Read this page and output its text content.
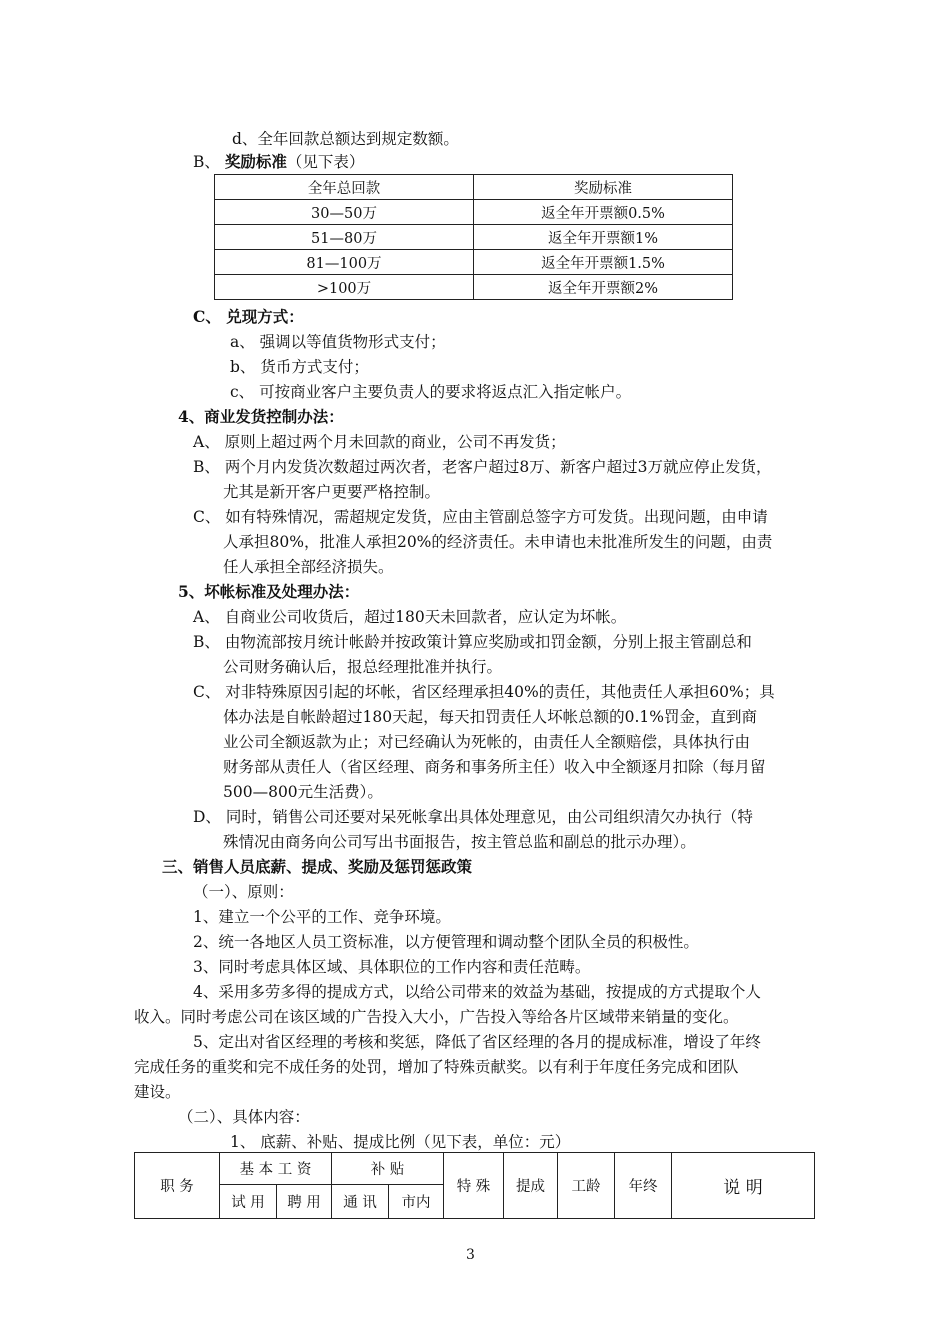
d、全年回款总额达到规定数额。
B、 奖励标准（见下表）
全年总回款	奖励标准
30—50万	返全年开票额0.5%
51—80万	返全年开票额1%
81—100万	返全年开票额1.5%
>100万	返全年开票额2%
C、 兑现方式：
a、 强调以等值货物形式支付；
b、 货币方式支付；
c、 可按商业客户主要负责人的要求将返点汇入指定帐户。
4、商业发货控制办法：
A、 原则上超过两个月未回款的商业，公司不再发货；
B、 两个月内发货次数超过两次者，老客户超过8万、新客户超过3万就应停止发货，
尤其是新开客户更要严格控制。
C、 如有特殊情况，需超规定发货，应由主管副总签字方可发货。出现问题，由申请
人承担80%，批准人承担20%的经济责任。未申请也未批准所发生的问题，由责
任人承担全部经济损失。
5、坏帐标准及处理办法：
A、 自商业公司收货后，超过180天未回款者，应认定为坏帐。
B、 由物流部按月统计帐龄并按政策计算应奖励或扣罚金额，分别上报主管副总和
公司财务确认后，报总经理批准并执行。
C、 对非特殊原因引起的坏帐，省区经理承担40%的责任，其他责任人承担60%；具
体办法是自帐龄超过180天起，每天扣罚责任人坏帐总额的0.1%罚金，直到商
业公司全额返款为止；对已经确认为死帐的，由责任人全额赔偿，具体执行由
财务部从责任人（省区经理、商务和事务所主任）收入中全额逐月扣除（每月留
500—800元生活费）。
D、 同时，销售公司还要对呆死帐拿出具体处理意见，由公司组织清欠办执行（特
殊情况由商务向公司写出书面报告，按主管总监和副总的批示办理）。
三、销售人员底薪、提成、奖励及惩罚惩政策
（一）、原则：
1、建立一个公平的工作、竞争环境。
2、统一各地区人员工资标准，以方便管理和调动整个团队全员的积极性。
3、同时考虑具体区域、具体职位的工作内容和责任范畴。
4、采用多劳多得的提成方式，以给公司带来的效益为基础，按提成的方式提取个人
收入。同时考虑公司在该区域的广告投入大小，广告投入等给各片区域带来销量的变化。
5、定出对省区经理的考核和奖惩，降低了省区经理的各月的提成标准，增设了年终
完成任务的重奖和完不成任务的处罚，增加了特殊贡献奖。以有利于年度任务完成和团队
建设。
（二）、具体内容：
1、 底薪、补贴、提成比例（见下表，单位：元）
职 务	基 本 工 资		补 贴		特 殊	提成	工龄	年终	说 明
	试 用	聘 用	通 讯	市内					
3
